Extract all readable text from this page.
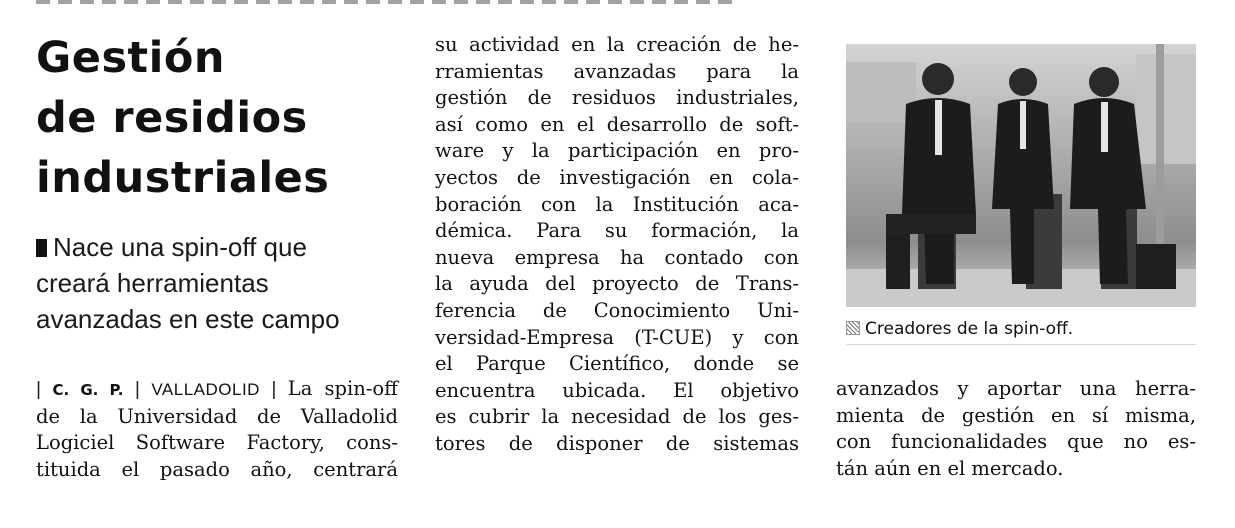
Gestión
de residios
industriales
Nace una spin-off que
creará herramientas
avanzadas en este campo
| C. G. P. | VALLADOLID | La spin-off
de la Universidad de Valladolid
Logiciel Software Factory, cons-
tituida el pasado año, centrará
su actividad en la creación de he-
rramientas avanzadas para la
gestión de residuos industriales,
así como en el desarrollo de soft-
ware y la participación en pro-
yectos de investigación en cola-
boración con la Institución aca-
démica. Para su formación, la
nueva empresa ha contado con
la ayuda del proyecto de Trans-
ferencia de Conocimiento Uni-
versidad-Empresa (T-CUE) y con
el Parque Científico, donde se
encuentra ubicada. El objetivo
es cubrir la necesidad de los ges-
tores de disponer de sistemas
Creadores de la spin-off.
avanzados y aportar una herra-
mienta de gestión en sí misma,
con funcionalidades que no es-
tán aún en el mercado.
